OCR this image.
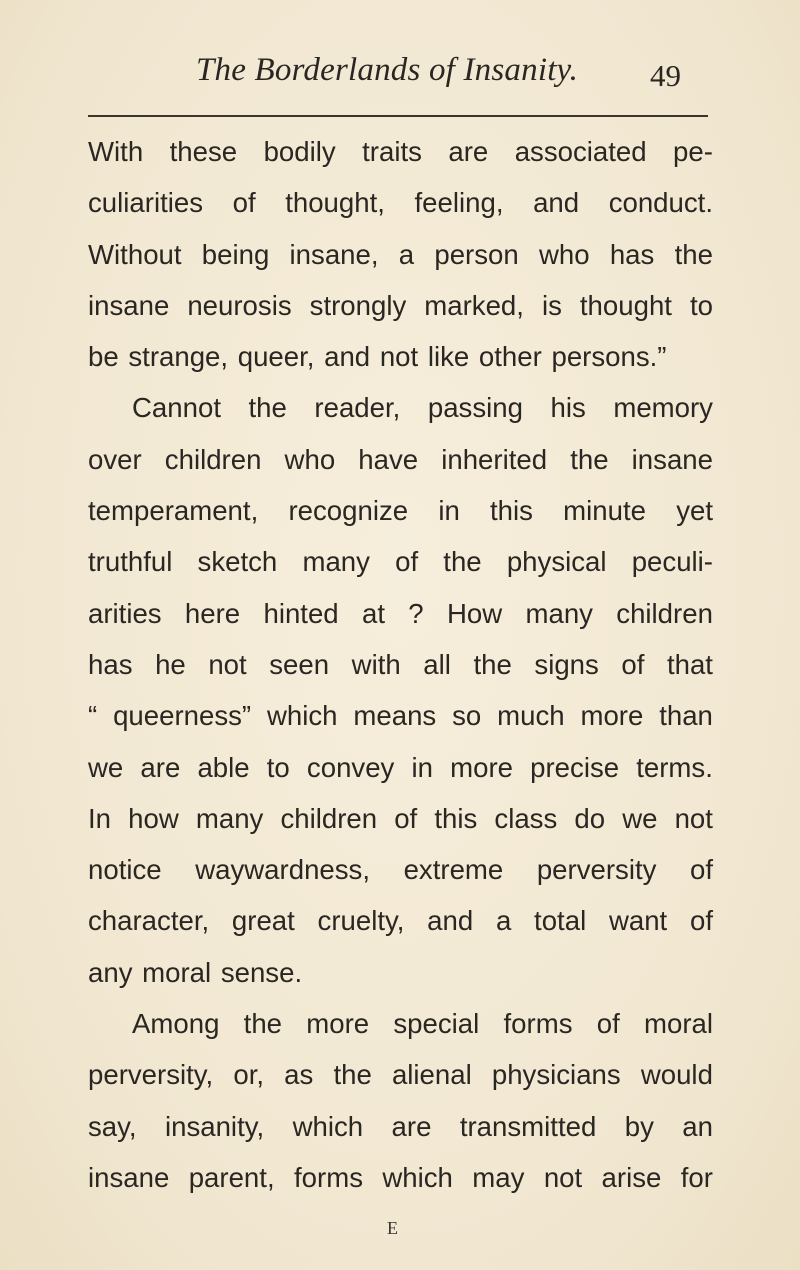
The Borderlands of Insanity. 49
With these bodily traits are associated pe-
culiarities of thought, feeling, and conduct.
Without being insane, a person who has the
insane neurosis strongly marked, is thought to
be strange, queer, and not like other persons.”
Cannot the reader, passing his memory
over children who have inherited the insane
temperament, recognize in this minute yet
truthful sketch many of the physical peculi-
arities here hinted at ? How many children
has he not seen with all the signs of that
“ queerness” which means so much more than
we are able to convey in more precise terms.
In how many children of this class do we not
notice waywardness, extreme perversity of
character, great cruelty, and a total want of
any moral sense.
Among the more special forms of moral
perversity, or, as the alienal physicians would
say, insanity, which are transmitted by an
insane parent, forms which may not arise for
E
